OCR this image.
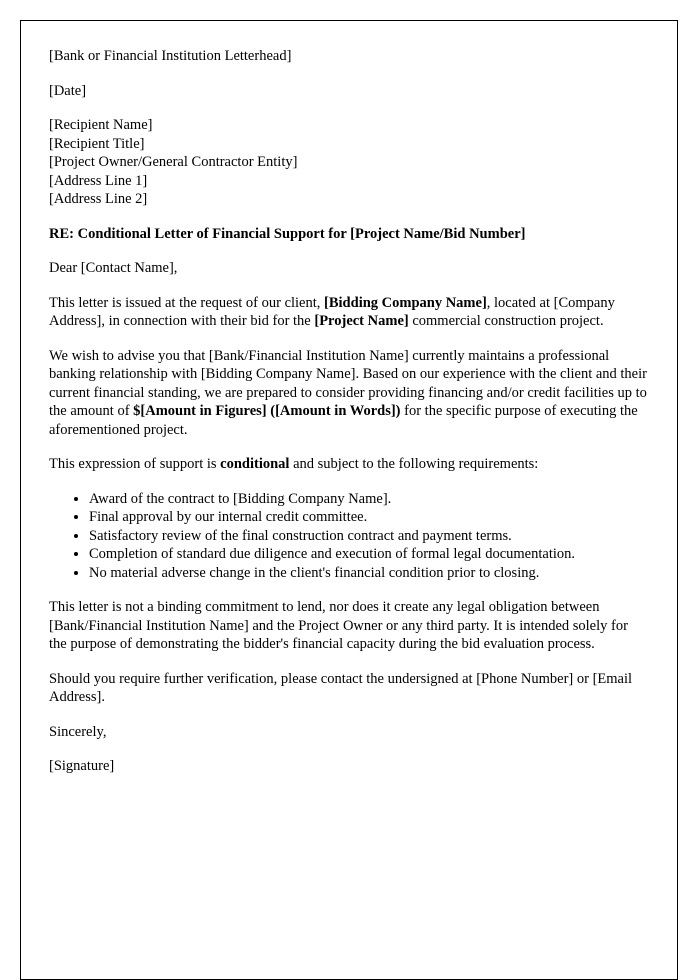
[Bank or Financial Institution Letterhead]

[Date]

[Recipient Name]

[Recipient Title]

[Project Owner/General Contractor Entity]

[Address Line 1]

[Address Line 2]

RE: Conditional Letter of Financial Support for [Project Name/Bid Number]

Dear [Contact Name],

This letter is issued at the request of our client, [Bidding Company Name], located at [Company Address], in connection with their bid for the [Project Name] commercial construction project.

We wish to advise you that [Bank/Financial Institution Name] currently maintains a professional banking relationship with [Bidding Company Name]. Based on our experience with the client and their current financial standing, we are prepared to consider providing financing and/or credit facilities up to the amount of $[Amount in Figures] ([Amount in Words]) for the specific purpose of executing the aforementioned project.

This expression of support is conditional and subject to the following requirements:

• Award of the contract to [Bidding Company Name].
• Final approval by our internal credit committee.
• Satisfactory review of the final construction contract and payment terms.
• Completion of standard due diligence and execution of formal legal documentation.
• No material adverse change in the client's financial condition prior to closing.

This letter is not a binding commitment to lend, nor does it create any legal obligation between [Bank/Financial Institution Name] and the Project Owner or any third party. It is intended solely for the purpose of demonstrating the bidder's financial capacity during the bid evaluation process.

Should you require further verification, please contact the undersigned at [Phone Number] or [Email Address].

Sincerely,

[Signature]
